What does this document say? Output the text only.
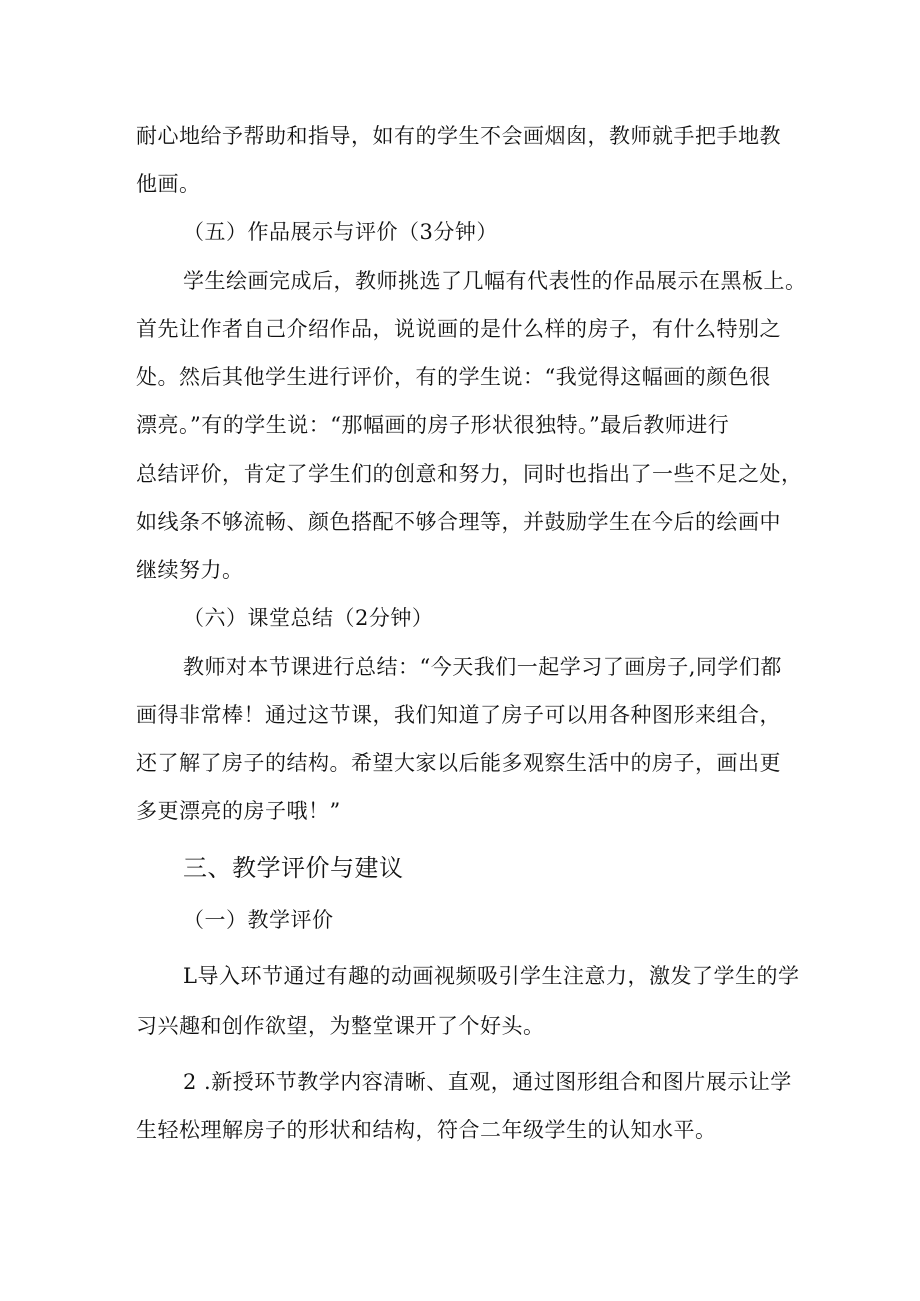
耐心地给予帮助和指导，如有的学生不会画烟囱，教师就手把手地教
他画。
（五）作品展示与评价（3分钟）
学生绘画完成后，教师挑选了几幅有代表性的作品展示在黑板上。
首先让作者自己介绍作品，说说画的是什么样的房子，有什么特别之
处。然后其他学生进行评价，有的学生说：“我觉得这幅画的颜色很
漂亮。”有的学生说：“那幅画的房子形状很独特。”最后教师进行
总结评价，肯定了学生们的创意和努力，同时也指出了一些不足之处，
如线条不够流畅、颜色搭配不够合理等，并鼓励学生在今后的绘画中
继续努力。
（六）课堂总结（2分钟）
教师对本节课进行总结：“今天我们一起学习了画房子,同学们都
画得非常棒！通过这节课，我们知道了房子可以用各种图形来组合，
还了解了房子的结构。希望大家以后能多观察生活中的房子，画出更
多更漂亮的房子哦！”
三、教学评价与建议
（一）教学评价
L导入环节通过有趣的动画视频吸引学生注意力，激发了学生的学
习兴趣和创作欲望，为整堂课开了个好头。
2 .新授环节教学内容清晰、直观，通过图形组合和图片展示让学
生轻松理解房子的形状和结构，符合二年级学生的认知水平。
